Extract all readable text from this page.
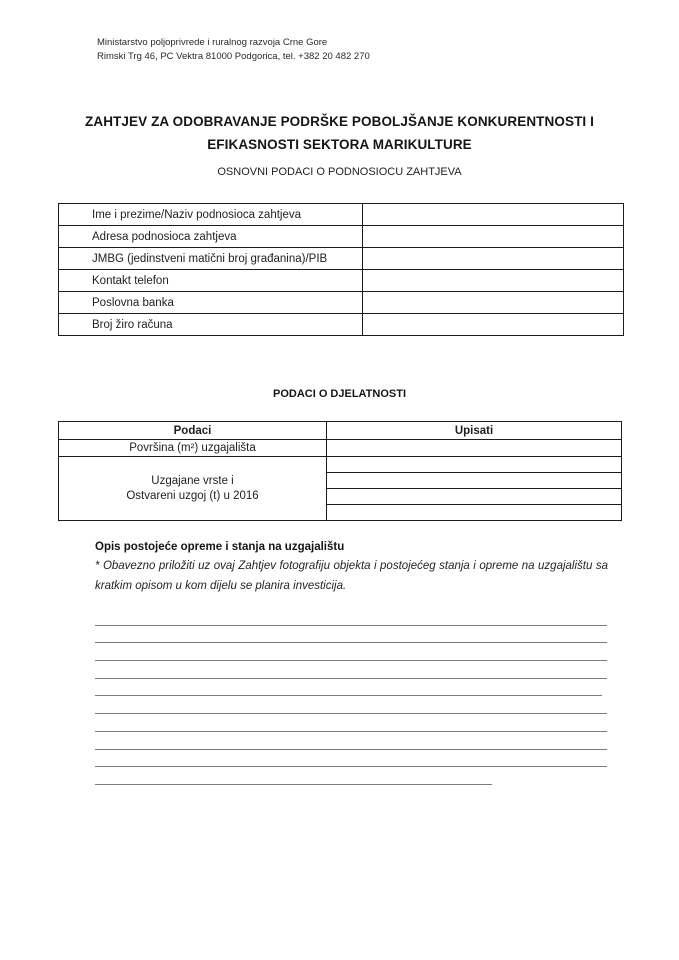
Ministarstvo poljoprivrede i ruralnog razvoja Crne Gore
Rimski Trg 46, PC Vektra 81000 Podgorica, tel. +382 20 482 270
ZAHTJEV ZA ODOBRAVANJE PODRŠKE POBOLJŠANJE KONKURENTNOSTI I
EFIKASNOSTI SEKTORA MARIKULTURE
OSNOVNI PODACI O PODNOSIOCU ZAHTJEVA
Ime i prezime/Naziv podnosioca zahtjeva	
Adresa podnosioca zahtjeva	
JMBG (jedinstveni matični broj građanina)/PIB	
Kontakt telefon	
Poslovna banka	
Broj žiro računa	
PODACI O DJELATNOSTI
Podaci	Upisati
Površina (m²) uzgajališta	

Uzgajane vrste i
Ostvareni uzgoj (t) u 2016	

Opis postojeće opreme i stanja na uzgajalištu
* Obavezno priložiti uz ovaj Zahtjev fotografiju objekta i postojećeg stanja i opreme na uzgajalištu sa kratkim opisom u kom dijelu se planira investicija.
